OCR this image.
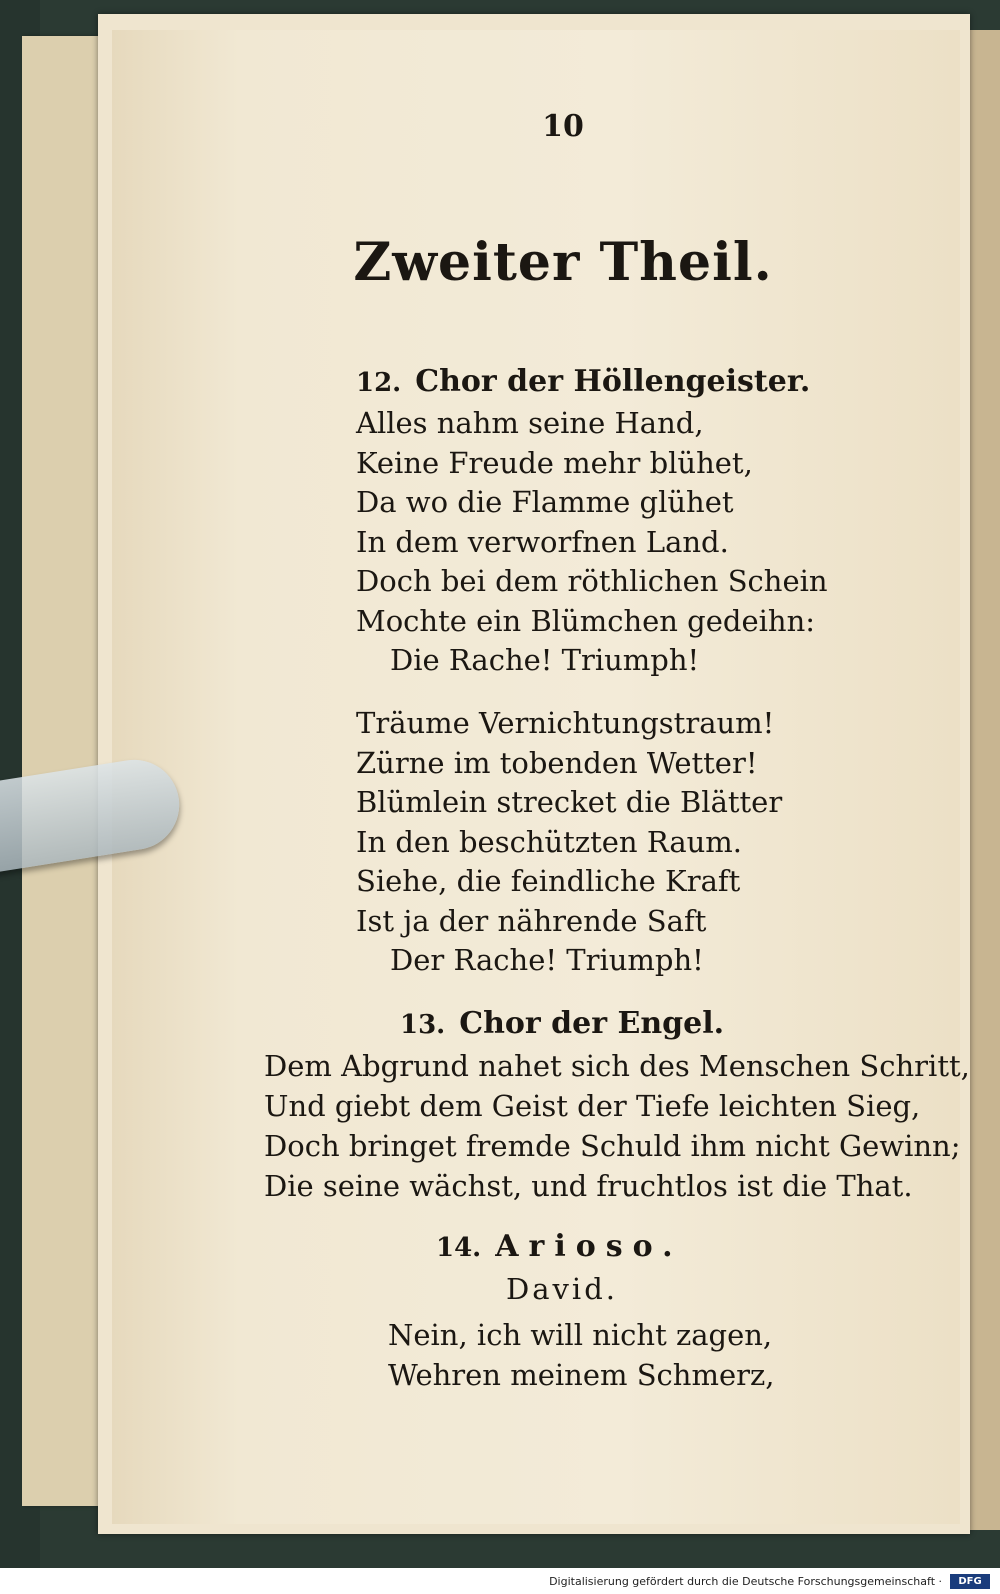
10
Zweiter Theil.
12. Chor der Höllengeister.
Alles nahm seine Hand,
Keine Freude mehr blühet,
Da wo die Flamme glühet
In dem verworfnen Land.
Doch bei dem röthlichen Schein
Mochte ein Blümchen gedeihn:
Die Rache! Triumph!
Träume Vernichtungstraum!
Zürne im tobenden Wetter!
Blümlein strecket die Blätter
In den beschützten Raum.
Siehe, die feindliche Kraft
Ist ja der nährende Saft
Der Rache! Triumph!
13. Chor der Engel.
Dem Abgrund nahet sich des Menschen Schritt,
Und giebt dem Geist der Tiefe leichten Sieg,
Doch bringet fremde Schuld ihm nicht Gewinn;
Die seine wächst, und fruchtlos ist die That.
14. Arioso.
David.
Nein, ich will nicht zagen,
Wehren meinem Schmerz,
Digitalisierung gefördert durch die Deutsche Forschungsgemeinschaft ·	DFG
